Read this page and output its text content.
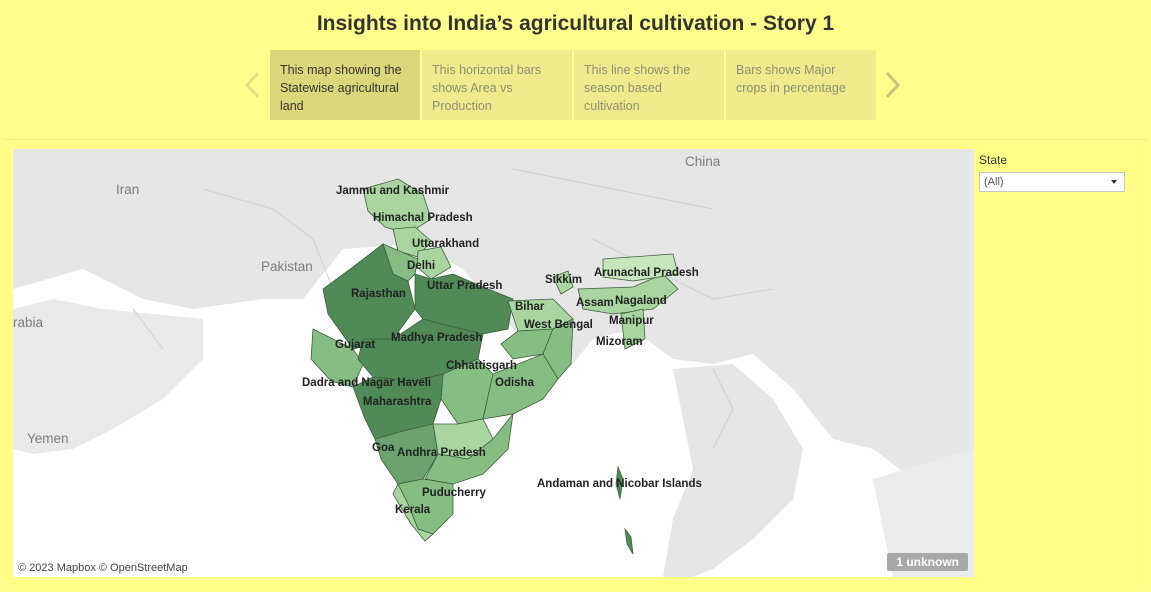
Insights into India’s agricultural cultivation - Story 1
This map showing the Statewise agricultural land
This horizontal bars shows Area vs Production
This line shows the season based cultivation
Bars shows Major crops in percentage
China
Iran
Pakistan
rabia
Yemen
Jammu and Kashmir
Himachal Pradesh
Uttarakhand
Delhi
Rajasthan
Uttar Pradesh
Gujarat
Madhya Pradesh
Bihar
Sikkim
Arunachal Pradesh
Assam Nagaland
West Bengal Manipur
Mizoram
Chhattisgarh
Dadra and Nagar Haveli	Odisha
Maharashtra
Goa Andhra Pradesh
Puducherry
Kerala
Andaman and Nicobar Islands
© 2023 Mapbox © OpenStreetMap	1 unknown
State
(All)
